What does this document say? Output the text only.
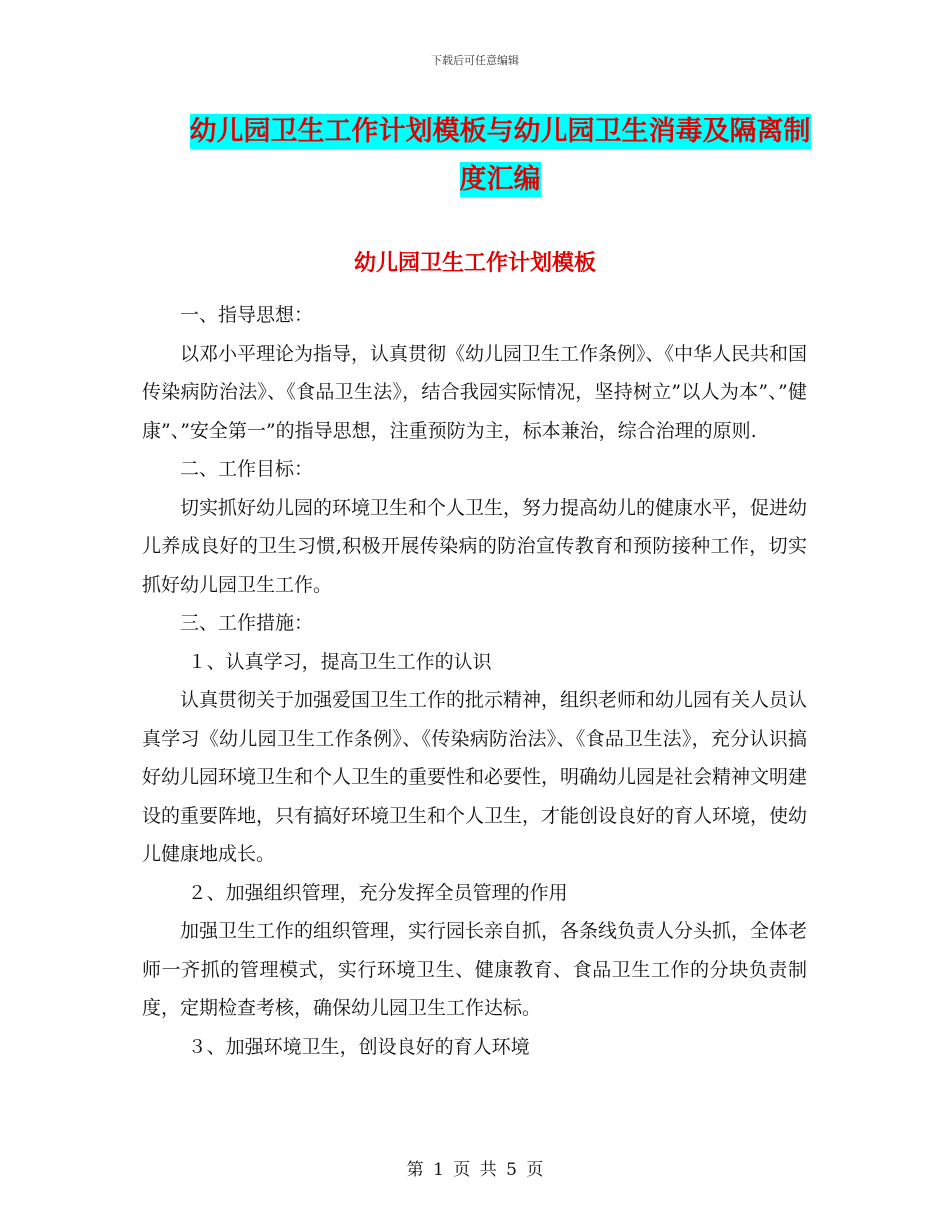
下载后可任意编辑
幼儿园卫生工作计划模板与幼儿园卫生消毒及隔离制
度汇编
幼儿园卫生工作计划模板

一、指导思想：

以邓小平理论为指导，认真贯彻《幼儿园卫生工作条例》、《中华人民共和国传染病防治法》、《食品卫生法》，结合我园实际情况，坚持树立”以人为本”、”健康”、”安全第一”的指导思想，注重预防为主，标本兼治，综合治理的原则.

二、工作目标：

切实抓好幼儿园的环境卫生和个人卫生，努力提高幼儿的健康水平，促进幼儿养成良好的卫生习惯,积极开展传染病的防治宣传教育和预防接种工作，切实抓好幼儿园卫生工作。

三、工作措施：

１、认真学习，提高卫生工作的认识

认真贯彻关于加强爱国卫生工作的批示精神，组织老师和幼儿园有关人员认真学习《幼儿园卫生工作条例》、《传染病防治法》、《食品卫生法》，充分认识搞好幼儿园环境卫生和个人卫生的重要性和必要性，明确幼儿园是社会精神文明建设的重要阵地，只有搞好环境卫生和个人卫生，才能创设良好的育人环境，使幼儿健康地成长。

２、加强组织管理，充分发挥全员管理的作用

加强卫生工作的组织管理，实行园长亲自抓，各条线负责人分头抓，全体老师一齐抓的管理模式，实行环境卫生、健康教育、食品卫生工作的分块负责制度，定期检查考核，确保幼儿园卫生工作达标。

３、加强环境卫生，创设良好的育人环境

第 1 页 共 5 页
